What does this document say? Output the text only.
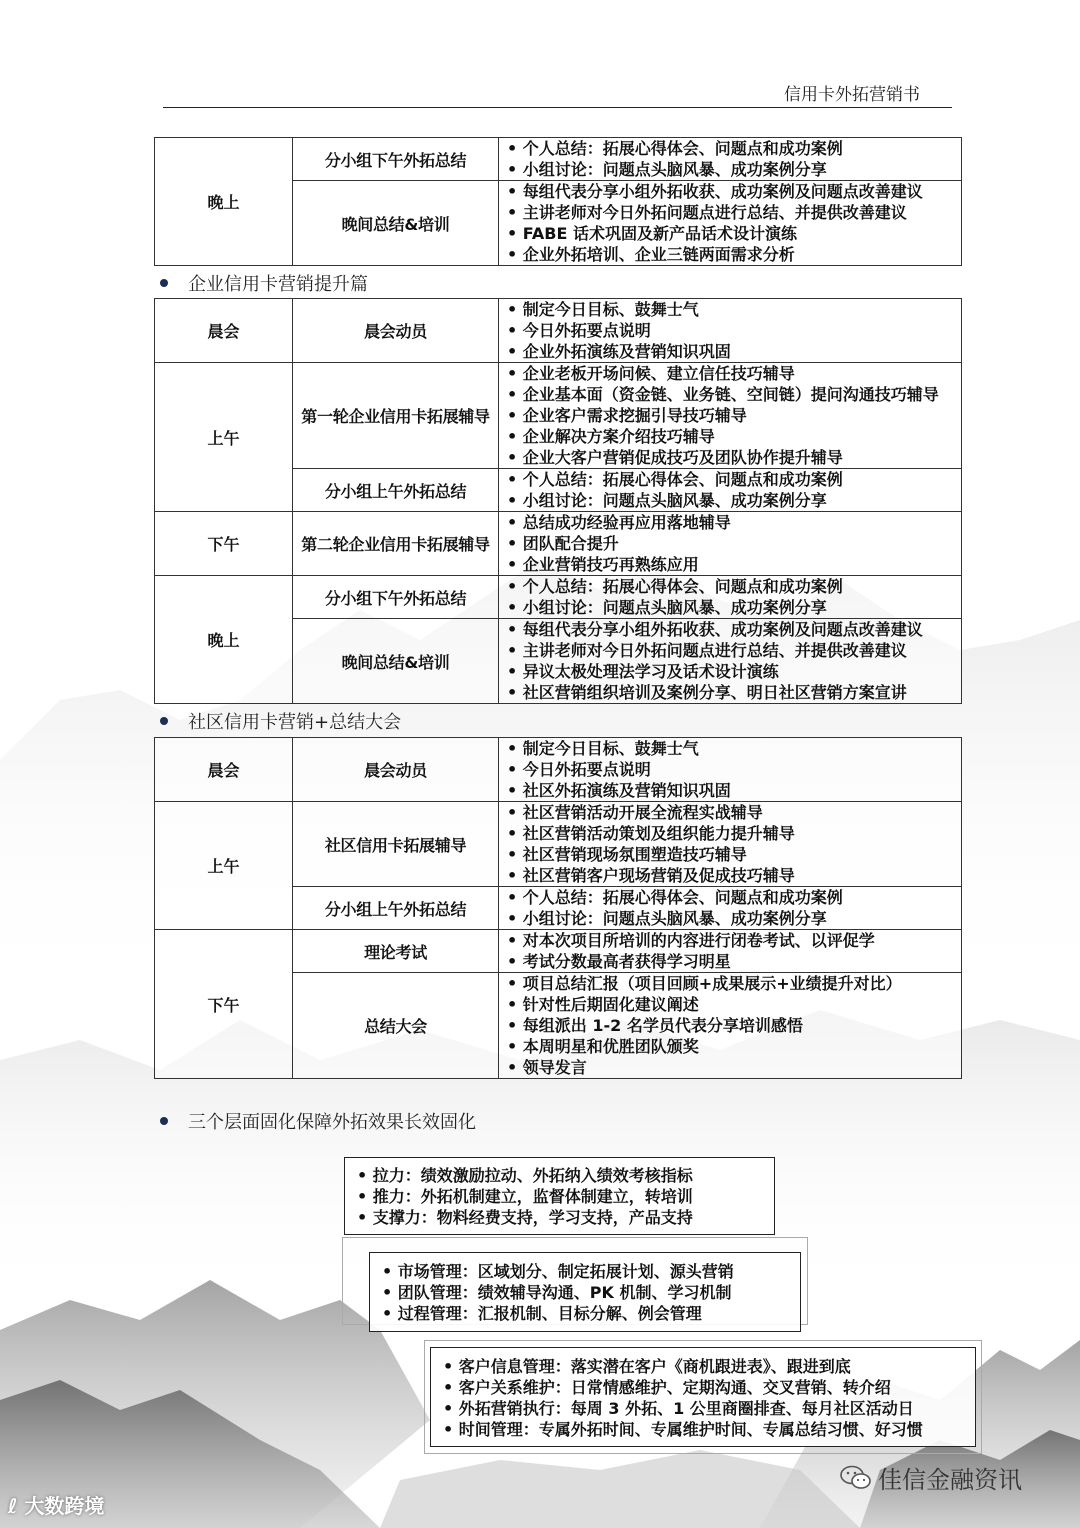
信用卡外拓营销书
晚上	分小组下午外拓总结	• 个人总结：拓展心得体会、问题点和成功案例
• 小组讨论：问题点头脑风暴、成功案例分享

	晚间总结&培训	• 每组代表分享小组外拓收获、成功案例及问题点改善建议
• 主讲老师对今日外拓问题点进行总结、并提供改善建议
• FABE 话术巩固及新产品话术设计演练
• 企业外拓培训、企业三链两面需求分析
企业信用卡营销提升篇
晨会	晨会动员	• 制定今日目标、鼓舞士气
• 今日外拓要点说明
• 企业外拓演练及营销知识巩固

上午	第一轮企业信用卡拓展辅导	• 企业老板开场问候、建立信任技巧辅导
• 企业基本面（资金链、业务链、空间链）提问沟通技巧辅导
• 企业客户需求挖掘引导技巧辅导
• 企业解决方案介绍技巧辅导
• 企业大客户营销促成技巧及团队协作提升辅导

	分小组上午外拓总结	• 个人总结：拓展心得体会、问题点和成功案例
• 小组讨论：问题点头脑风暴、成功案例分享

下午	第二轮企业信用卡拓展辅导	• 总结成功经验再应用落地辅导
• 团队配合提升
• 企业营销技巧再熟练应用

晚上	分小组下午外拓总结	• 个人总结：拓展心得体会、问题点和成功案例
• 小组讨论：问题点头脑风暴、成功案例分享

	晚间总结&培训	• 每组代表分享小组外拓收获、成功案例及问题点改善建议
• 主讲老师对今日外拓问题点进行总结、并提供改善建议
• 异议太极处理法学习及话术设计演练
• 社区营销组织培训及案例分享、明日社区营销方案宣讲
社区信用卡营销+总结大会
晨会	晨会动员	• 制定今日目标、鼓舞士气
• 今日外拓要点说明
• 社区外拓演练及营销知识巩固

上午	社区信用卡拓展辅导	• 社区营销活动开展全流程实战辅导
• 社区营销活动策划及组织能力提升辅导
• 社区营销现场氛围塑造技巧辅导
• 社区营销客户现场营销及促成技巧辅导

	分小组上午外拓总结	• 个人总结：拓展心得体会、问题点和成功案例
• 小组讨论：问题点头脑风暴、成功案例分享

下午	理论考试	• 对本次项目所培训的内容进行闭卷考试、以评促学
• 考试分数最高者获得学习明星

	总结大会	• 项目总结汇报（项目回顾+成果展示+业绩提升对比）
• 针对性后期固化建议阐述
• 每组派出 1-2 名学员代表分享培训感悟
• 本周明星和优胜团队颁奖
• 领导发言
三个层面固化保障外拓效果长效固化
• 拉力：绩效激励拉动、外拓纳入绩效考核指标
• 推力：外拓机制建立，监督体制建立，转培训
• 支撑力：物料经费支持，学习支持，产品支持
• 市场管理：区域划分、制定拓展计划、源头营销
• 团队管理：绩效辅导沟通、PK 机制、学习机制
• 过程管理：汇报机制、目标分解、例会管理
• 客户信息管理：落实潜在客户《商机跟进表》、跟进到底
• 客户关系维护：日常情感维护、定期沟通、交叉营销、转介绍
• 外拓营销执行：每周 3 外拓、1 公里商圈排查、每月社区活动日
• 时间管理：专属外拓时间、专属维护时间、专属总结习惯、好习惯
ℓ 大数跨境
佳信金融资讯
